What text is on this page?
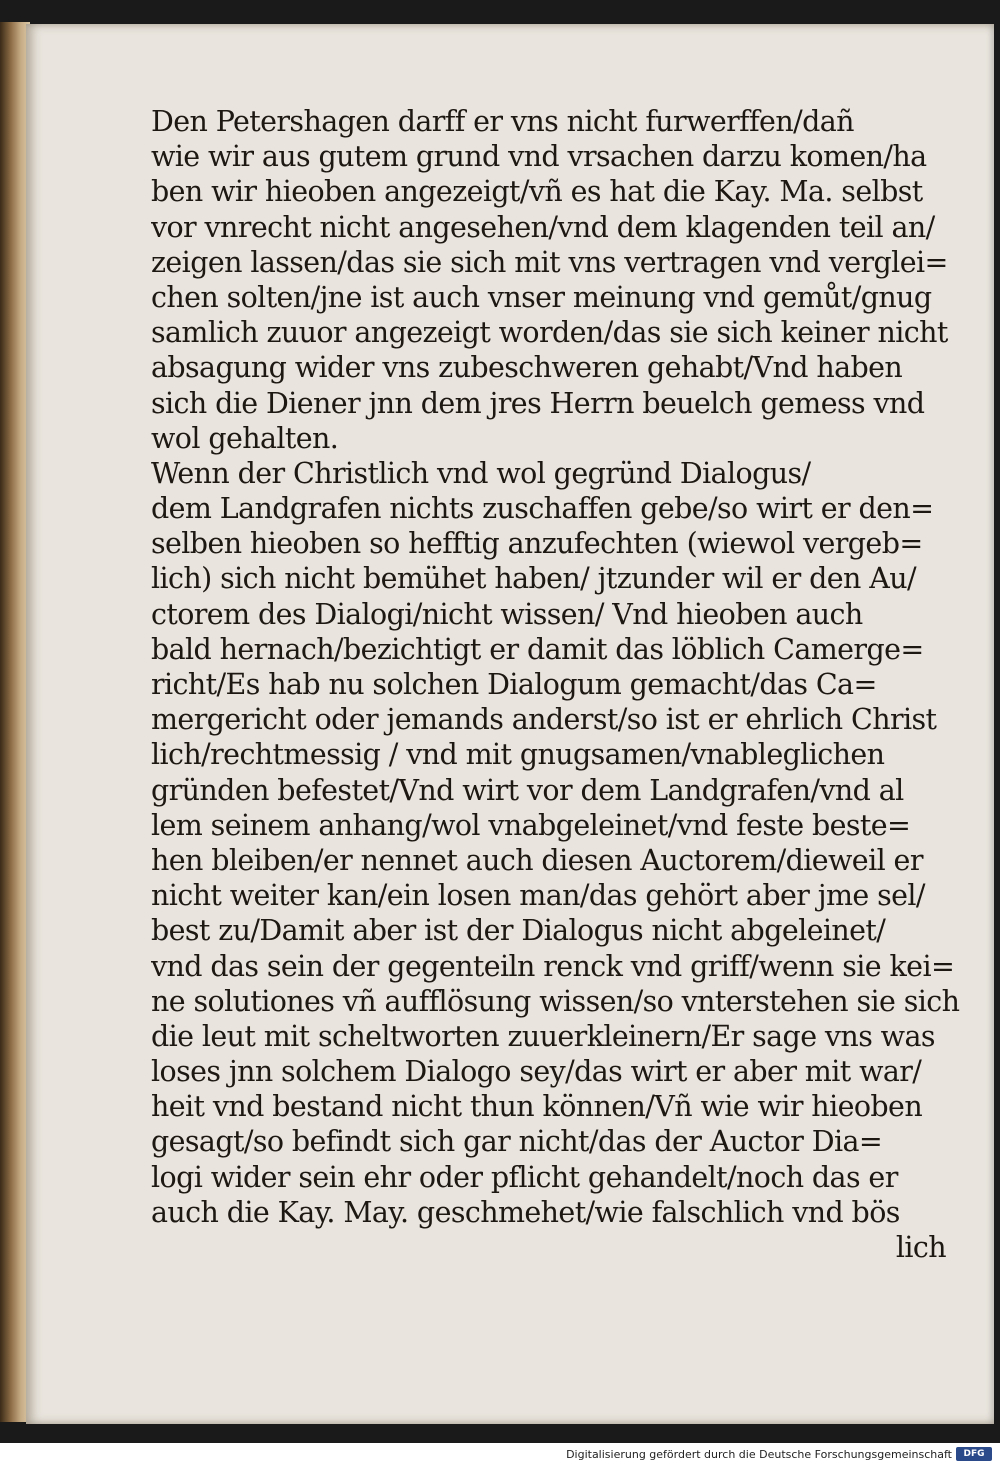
Den Petershagen darff er vns nicht furwerffen/dañ
wie wir aus gutem grund vnd vrsachen darzu komen/ha
ben wir hieoben angezeigt/vñ es hat die Kay. Ma. selbst
vor vnrecht nicht angesehen/vnd dem klagenden teil an/
zeigen lassen/das sie sich mit vns vertragen vnd verglei=
chen solten/jne ist auch vnser meinung vnd gemůt/gnug
samlich zuuor angezeigt worden/das sie sich keiner nicht
absagung wider vns zubeschweren gehabt/Vnd haben
sich die Diener jnn dem jres Herrn beuelch gemess vnd
wol gehalten.
Wenn der Christlich vnd wol gegründ Dialogus/
dem Landgrafen nichts zuschaffen gebe/so wirt er den=
selben hieoben so hefftig anzufechten (wiewol vergeb=
lich) sich nicht bemühet haben/ jtzunder wil er den Au/
ctorem des Dialogi/nicht wissen/ Vnd hieoben auch
bald hernach/bezichtigt er damit das löblich Camerge=
richt/Es hab nu solchen Dialogum gemacht/das Ca=
mergericht oder jemands anderst/so ist er ehrlich Christ
lich/rechtmessig / vnd mit gnugsamen/vnableglichen
gründen befestet/Vnd wirt vor dem Landgrafen/vnd al
lem seinem anhang/wol vnabgeleinet/vnd feste beste=
hen bleiben/er nennet auch diesen Auctorem/dieweil er
nicht weiter kan/ein losen man/das gehört aber jme sel/
best zu/Damit aber ist der Dialogus nicht abgeleinet/
vnd das sein der gegenteiln renck vnd griff/wenn sie kei=
ne solutiones vñ aufflösung wissen/so vnterstehen sie sich
die leut mit scheltworten zuuerkleinern/Er sage vns was
loses jnn solchem Dialogo sey/das wirt er aber mit war/
heit vnd bestand nicht thun können/Vñ wie wir hieoben
gesagt/so befindt sich gar nicht/das der Auctor Dia=
logi wider sein ehr oder pflicht gehandelt/noch das er
auch die Kay. May. geschmehet/wie falschlich vnd bös
lich
Digitalisierung gefördert durch die Deutsche Forschungsgemeinschaft	DFG
